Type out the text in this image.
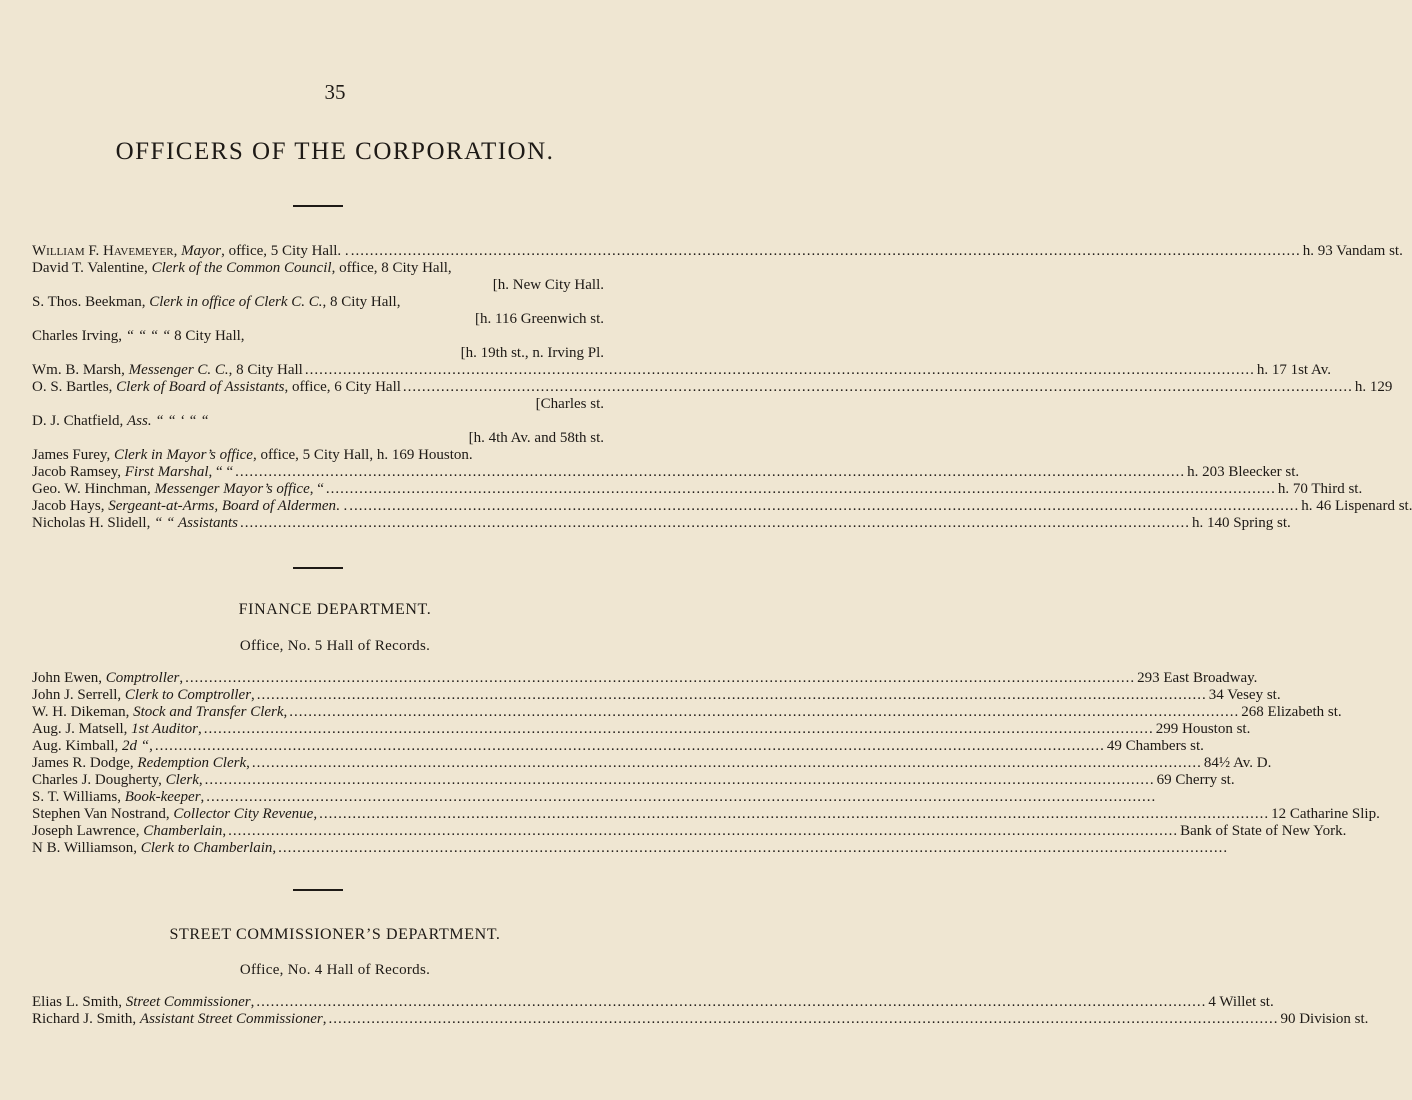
35
OFFICERS OF THE CORPORATION.
William F. Havemeyer, Mayor, office, 5 City Hall. . ........................................................................................................................................................................................................ h. 93 Vandam st.
David T. Valentine, Clerk of the Common Council, office, 8 City Hall,
[h. New City Hall.
S. Thos. Beekman, Clerk in office of Clerk C. C., 8 City Hall,
[h. 116 Greenwich st.
Charles Irving, “ “ “ “ 8 City Hall,
[h. 19th st., n. Irving Pl.
Wm. B. Marsh, Messenger C. C., 8 City Hall ........................................................................................................................................................................................................ h. 17 1st Av.
O. S. Bartles, Clerk of Board of Assistants, office, 6 City Hall ........................................................................................................................................................................................................ h. 129
[Charles st.
D. J. Chatfield, Ass. “ “ ‘ “ “
[h. 4th Av. and 58th st.
James Furey, Clerk in Mayor’s office, office, 5 City Hall, h. 169 Houston.
Jacob Ramsey, First Marshal, “ “ ........................................................................................................................................................................................................ h. 203 Bleecker st.
Geo. W. Hinchman, Messenger Mayor’s office, “ ........................................................................................................................................................................................................ h. 70 Third st.
Jacob Hays, Sergeant-at-Arms, Board of Aldermen. . ........................................................................................................................................................................................................ h. 46 Lispenard st.
Nicholas H. Slidell, “ “ Assistants ........................................................................................................................................................................................................ h. 140 Spring st.
FINANCE DEPARTMENT.
Office, No. 5 Hall of Records.
John Ewen, Comptroller, ........................................................................................................................................................................................................ 293 East Broadway.
John J. Serrell, Clerk to Comptroller, ........................................................................................................................................................................................................ 34 Vesey st.
W. H. Dikeman, Stock and Transfer Clerk, ........................................................................................................................................................................................................ 268 Elizabeth st.
Aug. J. Matsell, 1st Auditor, ........................................................................................................................................................................................................ 299 Houston st.
Aug. Kimball, 2d “, ........................................................................................................................................................................................................ 49 Chambers st.
James R. Dodge, Redemption Clerk, ........................................................................................................................................................................................................ 84½ Av. D.
Charles J. Dougherty, Clerk, ........................................................................................................................................................................................................ 69 Cherry st.
S. T. Williams, Book-keeper, ........................................................................................................................................................................................................
Stephen Van Nostrand, Collector City Revenue, ........................................................................................................................................................................................................ 12 Catharine Slip.
Joseph Lawrence, Chamberlain, ........................................................................................................................................................................................................ Bank of State of New York.
N B. Williamson, Clerk to Chamberlain, ........................................................................................................................................................................................................
STREET COMMISSIONER’S DEPARTMENT.
Office, No. 4 Hall of Records.
Elias L. Smith, Street Commissioner, ........................................................................................................................................................................................................ 4 Willet st.
Richard J. Smith, Assistant Street Commissioner, ........................................................................................................................................................................................................ 90 Division st.
